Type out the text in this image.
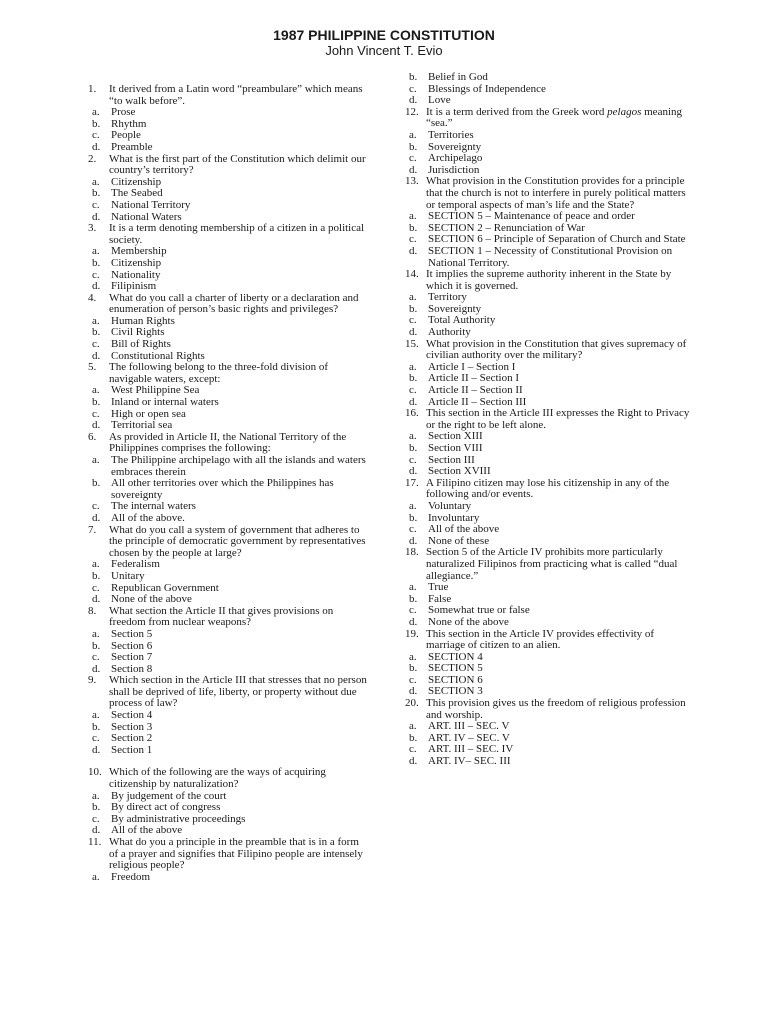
1987 PHILIPPINE CONSTITUTION
John Vincent T. Evio
1. It derived from a Latin word “preambulare” which means “to walk before”.
a. Prose
b. Rhythm
c. People
d. Preamble
2. What is the first part of the Constitution which delimit our country’s territory?
a. Citizenship
b. The Seabed
c. National Territory
d. National Waters
3. It is a term denoting membership of a citizen in a political society.
a. Membership
b. Citizenship
c. Nationality
d. Filipinism
4. What do you call a charter of liberty or a declaration and enumeration of person’s basic rights and privileges?
a. Human Rights
b. Civil Rights
c. Bill of Rights
d. Constitutional Rights
5. The following belong to the three-fold division of navigable waters, except:
a. West Philippine Sea
b. Inland or internal waters
c. High or open sea
d. Territorial sea
6. As provided in Article II, the National Territory of the Philippines comprises the following:
a. The Philippine archipelago with all the islands and waters embraces therein
b. All other territories over which the Philippines has sovereignty
c. The internal waters
d. All of the above.
7. What do you call a system of government that adheres to the principle of democratic government by representatives chosen by the people at large?
a. Federalism
b. Unitary
c. Republican Government
d. None of the above
8. What section the Article II that gives provisions on freedom from nuclear weapons?
a. Section 5
b. Section 6
c. Section 7
d. Section 8
9. Which section in the Article III that stresses that no person shall be deprived of life, liberty, or property without due process of law?
a. Section 4
b. Section 3
c. Section 2
d. Section 1
10. Which of the following are the ways of acquiring citizenship by naturalization?
a. By judgement of the court
b. By direct act of congress
c. By administrative proceedings
d. All of the above
11. What do you a principle in the preamble that is in a form of a prayer and signifies that Filipino people are intensely religious people?
a. Freedom
b. Belief in God
c. Blessings of Independence
d. Love
12. It is a term derived from the Greek word pelagos meaning “sea.”
a. Territories
b. Sovereignty
c. Archipelago
d. Jurisdiction
13. What provision in the Constitution provides for a principle that the church is not to interfere in purely political matters or temporal aspects of man’s life and the State?
a. SECTION 5 – Maintenance of peace and order
b. SECTION 2 – Renunciation of War
c. SECTION 6 – Principle of Separation of Church and State
d. SECTION 1 – Necessity of Constitutional Provision on National Territory.
14. It implies the supreme authority inherent in the State by which it is governed.
a. Territory
b. Sovereignty
c. Total Authority
d. Authority
15. What provision in the Constitution that gives supremacy of civilian authority over the military?
a. Article I – Section I
b. Article II – Section I
c. Article II – Section II
d. Article II – Section III
16. This section in the Article III expresses the Right to Privacy or the right to be left alone.
a. Section XIII
b. Section VIII
c. Section III
d. Section XVIII
17. A Filipino citizen may lose his citizenship in any of the following and/or events.
a. Voluntary
b. Involuntary
c. All of the above
d. None of these
18. Section 5 of the Article IV prohibits more particularly naturalized Filipinos from practicing what is called “dual allegiance.”
a. True
b. False
c. Somewhat true or false
d. None of the above
19. This section in the Article IV provides effectivity of marriage of citizen to an alien.
a. SECTION 4
b. SECTION 5
c. SECTION 6
d. SECTION 3
20. This provision gives us the freedom of religious profession and worship.
a. ART. III – SEC. V
b. ART. IV – SEC. V
c. ART. III – SEC. IV
d. ART. IV– SEC. III
